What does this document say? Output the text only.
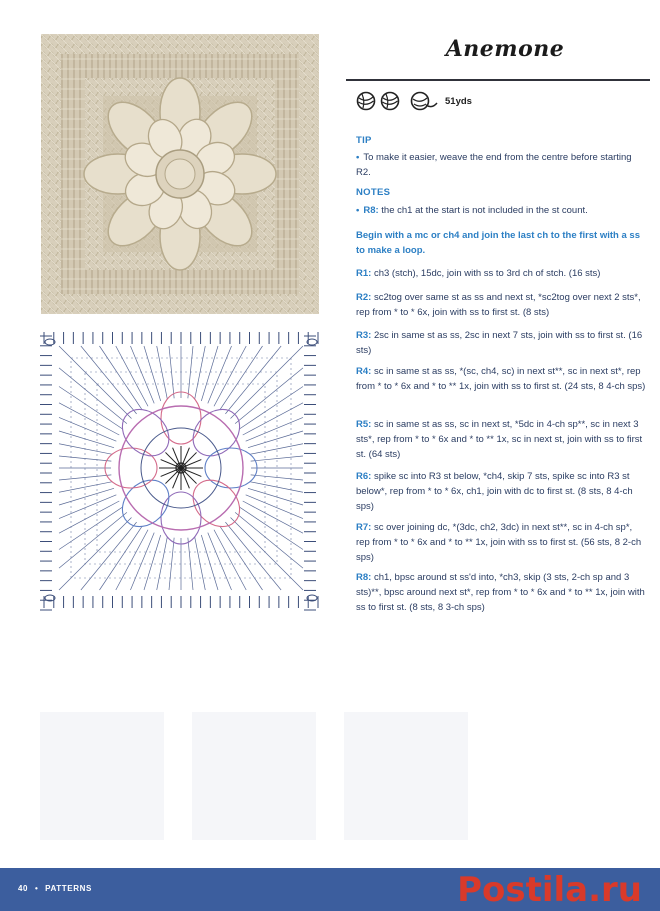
Anemone
51yds
TIP
• To make it easier, weave the end from the centre before starting R2.
NOTES
• R8: the ch1 at the start is not included in the st count.
Begin with a mc or ch4 and join the last ch to the first with a ss to make a loop.
R1: ch3 (stch), 15dc, join with ss to 3rd ch of stch. (16 sts)
R2: sc2tog over same st as ss and next st, *sc2tog over next 2 sts*, rep from * to * 6x, join with ss to first st. (8 sts)
R3: 2sc in same st as ss, 2sc in next 7 sts, join with ss to first st. (16 sts)
R4: sc in same st as ss, *(sc, ch4, sc) in next st**, sc in next st*, rep from * to * 6x and * to ** 1x, join with ss to first st. (24 sts, 8 4-ch sps)
R5: sc in same st as ss, sc in next st, *5dc in 4-ch sp**, sc in next 3 sts*, rep from * to * 6x and * to ** 1x, sc in next st, join with ss to first st. (64 sts)
R6: spike sc into R3 st below, *ch4, skip 7 sts, spike sc into R3 st below*, rep from * to * 6x, ch1, join with dc to first st. (8 sts, 8 4-ch sps)
R7: sc over joining dc, *(3dc, ch2, 3dc) in next st**, sc in 4-ch sp*, rep from * to * 6x and * to ** 1x, join with ss to first st. (56 sts, 8 2-ch sps)
R8: ch1, bpsc around st ss'd into, *ch3, skip (3 sts, 2-ch sp and 3 sts)**, bpsc around next st*, rep from * to * 6x and * to ** 1x, join with ss to first st. (8 sts, 8 3-ch sps)
40 • PATTERNS	Postila.ru
